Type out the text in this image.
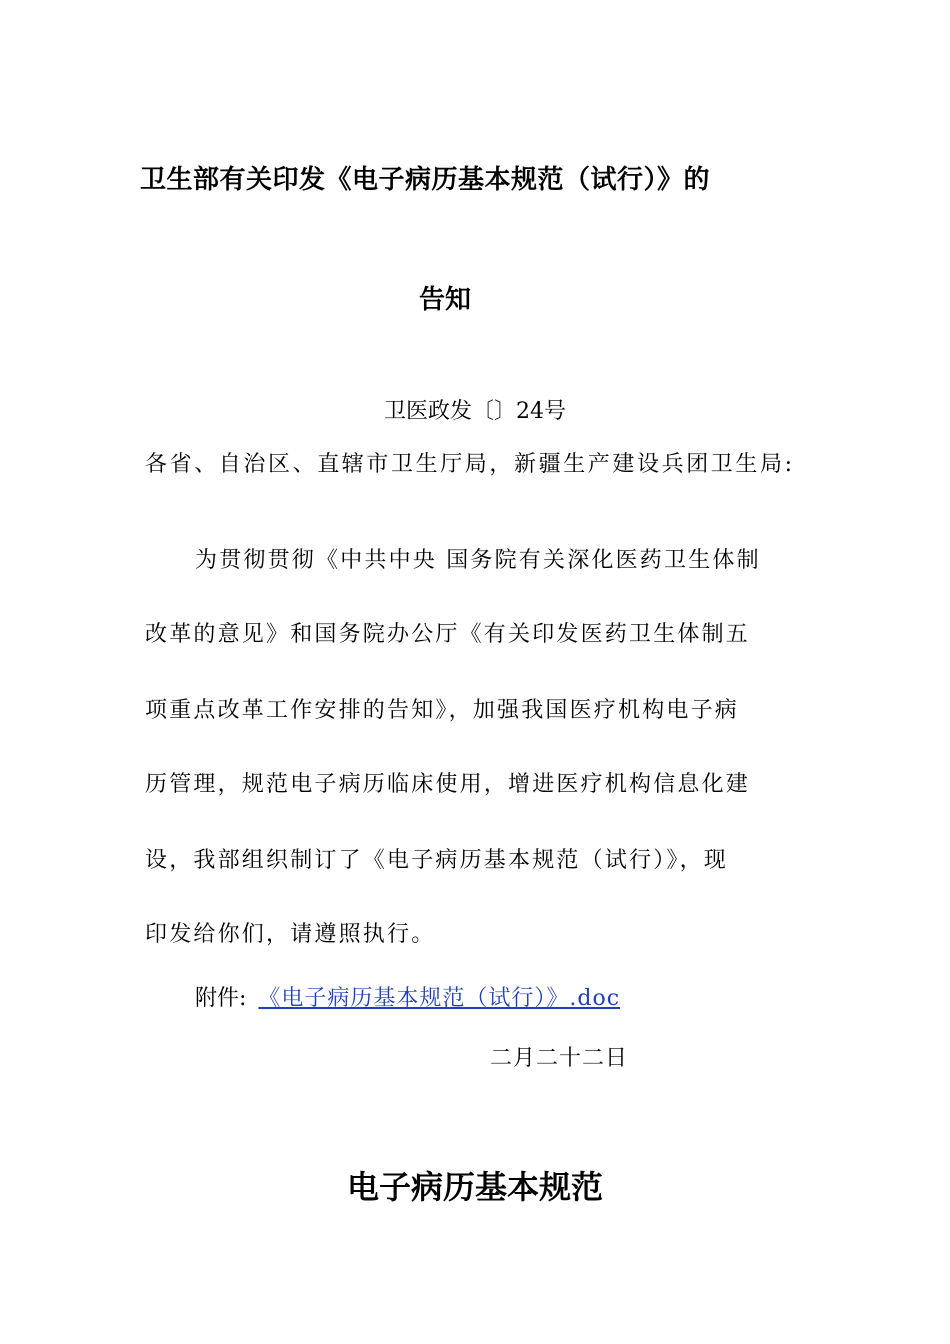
卫生部有关印发《电子病历基本规范（试行）》的
告知
卫医政发〔〕24号
各省、自治区、直辖市卫生厅局，新疆生产建设兵团卫生局:
为贯彻贯彻《中共中央 国务院有关深化医药卫生体制
改革的意见》和国务院办公厅《有关印发医药卫生体制五
项重点改革工作安排的告知》，加强我国医疗机构电子病
历管理，规范电子病历临床使用，增进医疗机构信息化建
设，我部组织制订了《电子病历基本规范（试行）》，现
印发给你们，请遵照执行。
附件: 《电子病历基本规范（试行）》.doc
二月二十二日
电子病历基本规范
